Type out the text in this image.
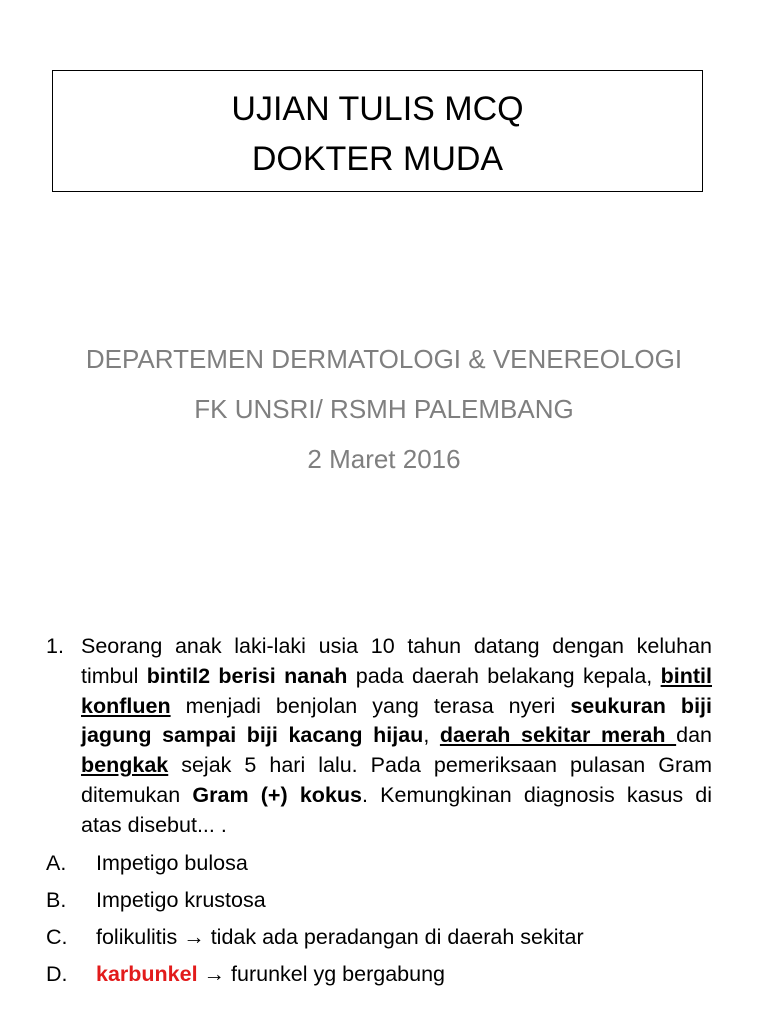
UJIAN TULIS MCQ
DOKTER MUDA
DEPARTEMEN DERMATOLOGI & VENEREOLOGI
FK UNSRI/ RSMH PALEMBANG
2 Maret 2016
1. Seorang anak laki-laki usia 10 tahun datang dengan keluhan timbul bintil2 berisi nanah pada daerah belakang kepala, bintil konfluen menjadi benjolan yang terasa nyeri seukuran biji jagung sampai biji kacang hijau, daerah sekitar merah dan bengkak sejak 5 hari lalu. Pada pemeriksaan pulasan Gram ditemukan Gram (+) kokus. Kemungkinan diagnosis kasus di atas disebut... .
A.	Impetigo bulosa
B.	Impetigo krustosa
C.	folikulitis → tidak ada peradangan di daerah sekitar
D.	karbunkel → furunkel yg bergabung
